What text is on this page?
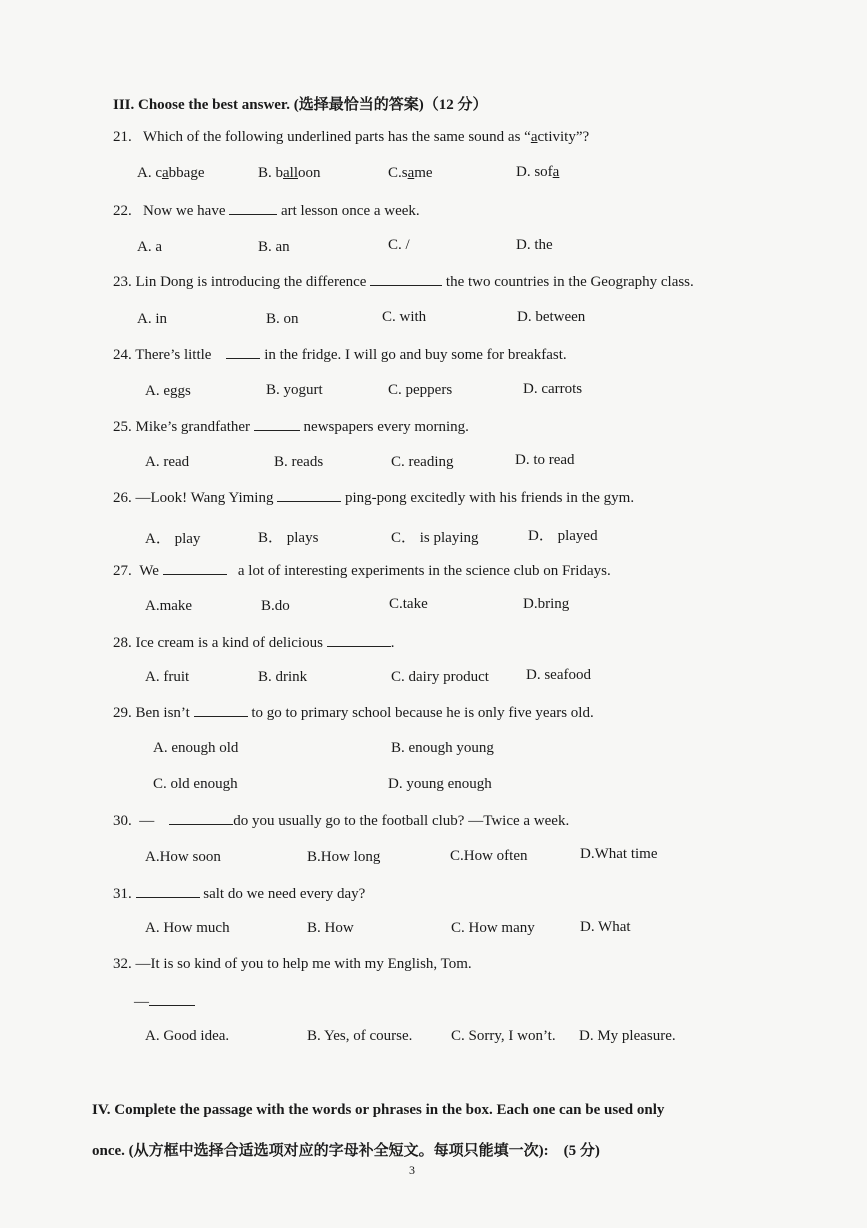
III. Choose the best answer. (选择最恰当的答案)（12 分）
21. Which of the following underlined parts has the same sound as “activity”?
A. cabbage	B. balloon	C.same	D. sofa
22. Now we have	art lesson once a week.
A. a	B. an	C. /	D. the
23. Lin Dong is introducing the difference	the two countries in the Geography class.
A. in	B. on	C. with	D. between
24. There’s little	in the fridge. I will go and buy some for breakfast.
A. eggs	B. yogurt	C. peppers	D. carrots
25. Mike’s grandfather	newspapers every morning.
A. read	B. reads	C. reading	D. to read
26. —Look! Wang Yiming	ping-pong excitedly with his friends in the gym.
A． play	B． plays	C． is playing	D． played
27. We	a lot of interesting experiments in the science club on Fridays.
A.make	B.do	C.take	D.bring
28. Ice cream is a kind of delicious	.
A. fruit	B. drink	C. dairy product D. seafood
29. Ben isn’t	to go to primary school because he is only five years old.
A. enough old	B. enough young
C. old enough	D. young enough
30. —	do you usually go to the football club? —Twice a week.
A.How soon	B.How long	C.How often	D.What time
31.	salt do we need every day?
A. How much	B. How	C. How many	D. What
32. —It is so kind of you to help me with my English, Tom.
—
A. Good idea.	B. Yes, of course.	C. Sorry, I won’t. D. My pleasure.
IV. Complete the passage with the words or phrases in the box. Each one can be used only
once. (从方框中选择合适选项对应的字母补全短文。每项只能填一次):　(5 分)
3
